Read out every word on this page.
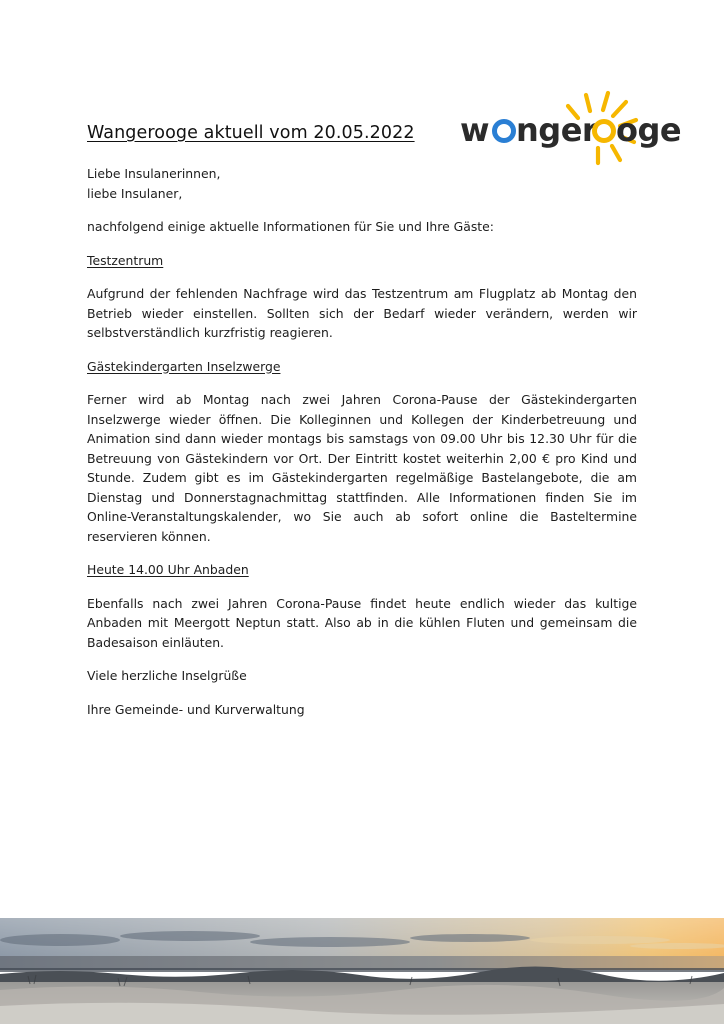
w nger oge
Wangerooge aktuell vom 20.05.2022

Liebe Insulanerinnen,
liebe Insulaner,

nachfolgend einige aktuelle Informationen für Sie und Ihre Gäste:

Testzentrum

Aufgrund der fehlenden Nachfrage wird das Testzentrum am Flugplatz ab Montag den Betrieb wieder einstellen. Sollten sich der Bedarf wieder verändern, werden wir selbstverständlich kurzfristig reagieren.

Gästekindergarten Inselzwerge

Ferner wird ab Montag nach zwei Jahren Corona-Pause der Gästekindergarten Inselzwerge wieder öffnen. Die Kolleginnen und Kollegen der Kinderbetreuung und Animation sind dann wieder montags bis samstags von 09.00 Uhr bis 12.30 Uhr für die Betreuung von Gästekindern vor Ort. Der Eintritt kostet weiterhin 2,00 € pro Kind und Stunde. Zudem gibt es im Gästekindergarten regelmäßige Bastelangebote, die am Dienstag und Donnerstagnachmittag stattfinden. Alle Informationen finden Sie im Online-Veranstaltungskalender, wo Sie auch ab sofort online die Basteltermine reservieren können.

Heute 14.00 Uhr Anbaden

Ebenfalls nach zwei Jahren Corona-Pause findet heute endlich wieder das kultige Anbaden mit Meergott Neptun statt. Also ab in die kühlen Fluten und gemeinsam die Badesaison einläuten.

Viele herzliche Inselgrüße

Ihre Gemeinde- und Kurverwaltung
